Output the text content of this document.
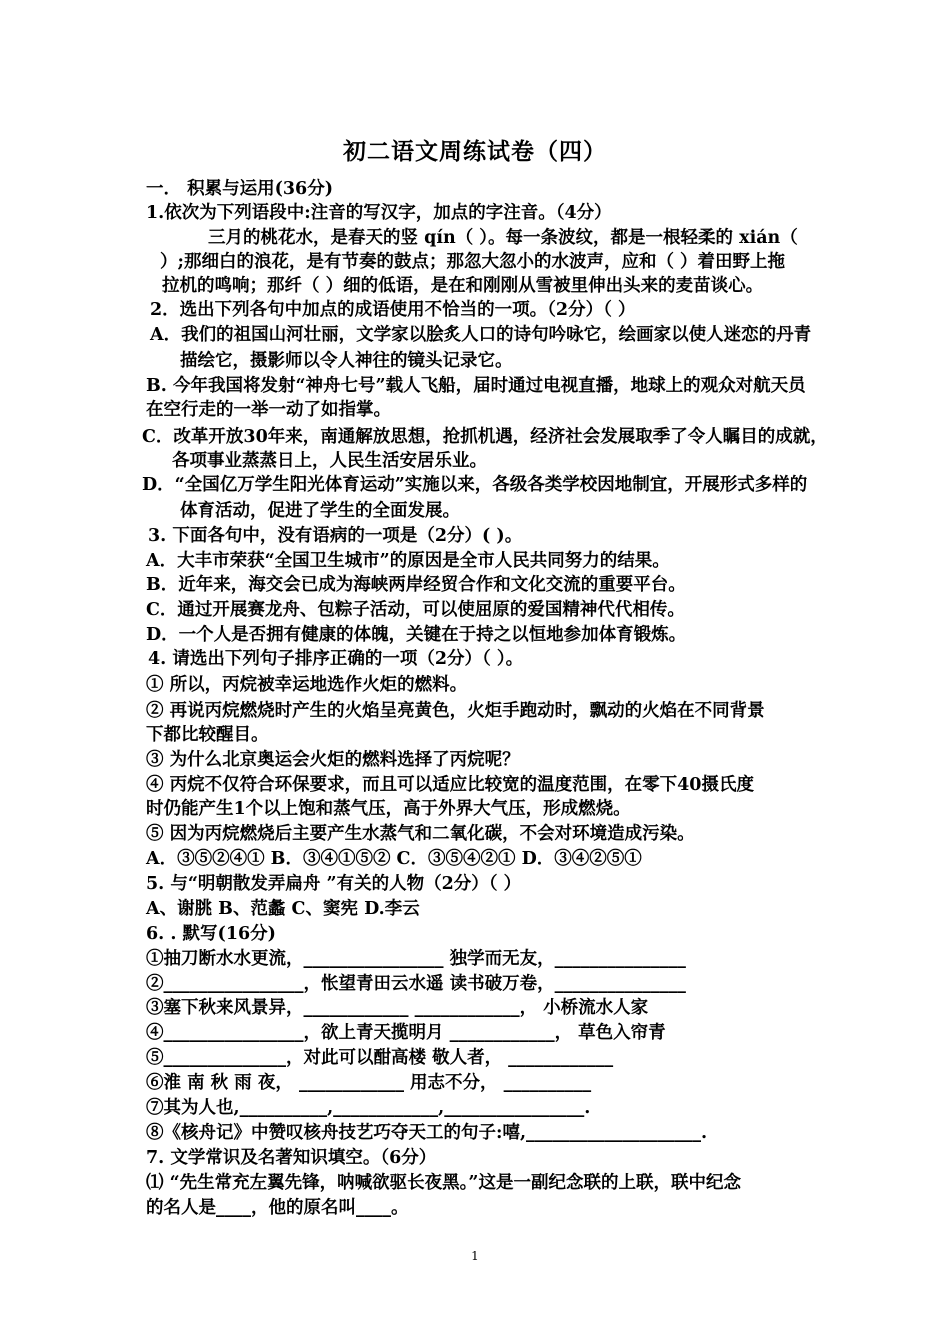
初二语文周练试卷（四）
一． 积累与运用(36分)
1.依次为下列语段中:注音的写汉字，加点的字注音。（4分）
三月的桃花水，是春天的竖 qín（ ）。每一条波纹，都是一根轻柔的 xián（
）;那细白的浪花，是有节奏的鼓点；那忽大忽小的水波声，应和（ ）着田野上拖
拉机的鸣响；那纤（ ）细的低语，是在和刚刚从雪被里伸出头来的麦苗谈心。
2．选出下列各句中加点的成语使用不恰当的一项。（2分）（ ）
A．我们的祖国山河壮丽，文学家以脍炙人口的诗句吟咏它，绘画家以使人迷恋的丹青
描绘它，摄影师以令人神往的镜头记录它。
B. 今年我国将发射“神舟七号”载人飞船，届时通过电视直播，地球上的观众对航天员
在空行走的一举一动了如指掌。
C．改革开放30年来，南通解放思想，抢抓机遇，经济社会发展取季了令人瞩目的成就，
各项事业蒸蒸日上，人民生活安居乐业。
D．“全国亿万学生阳光体育运动”实施以来，各级各类学校因地制宜，开展形式多样的
体育活动，促进了学生的全面发展。
3. 下面各句中，没有语病的一项是（2分）( )。
A．大丰市荣获“全国卫生城市”的原因是全市人民共同努力的结果。
B．近年来，海交会已成为海峡两岸经贸合作和文化交流的重要平台。
C．通过开展赛龙舟、包粽子活动，可以使屈原的爱国精神代代相传。
D．一个人是否拥有健康的体魄，关键在于持之以恒地参加体育锻炼。
4. 请选出下列句子排序正确的一项（2分）（ ）。
① 所以，丙烷被幸运地选作火炬的燃料。
② 再说丙烷燃烧时产生的火焰呈亮黄色，火炬手跑动时，飘动的火焰在不同背景
下都比较醒目。
③ 为什么北京奥运会火炬的燃料选择了丙烷呢？
④ 丙烷不仅符合环保要求，而且可以适应比较宽的温度范围，在零下40摄氏度
时仍能产生1个以上饱和蒸气压，高于外界大气压，形成燃烧。
⑤ 因为丙烷燃烧后主要产生水蒸气和二氧化碳，不会对环境造成污染。
A．③⑤②④① B．③④①⑤② C．③⑤④②① D．③④②⑤①
5. 与“明朝散发弄扁舟 ”有关的人物（2分）（ ）
A、谢朓 B、范蠡 C、窦宪 D.李云
6. . 默写(16分)
①抽刀断水水更流，________________ 独学而无友，_______________
②________________，怅望青田云水遥 读书破万卷，_______________
③塞下秋来风景异，____________ ____________， 小桥流水人家
④________________，欲上青天揽明月 ____________， 草色入帘青
⑤______________，对此可以酣高楼 敬人者， ____________
⑥淮 南 秋 雨 夜， ____________ 用志不分， __________
⑦其为人也,__________,____________,________________.
⑧《核舟记》中赞叹核舟技艺巧夺天工的句子:嘻,____________________.
7. 文学常识及名著知识填空。（6分）
⑴ “先生常充左翼先锋，呐喊欲驱长夜黑。”这是一副纪念联的上联，联中纪念
的名人是____，他的原名叫____。
1
